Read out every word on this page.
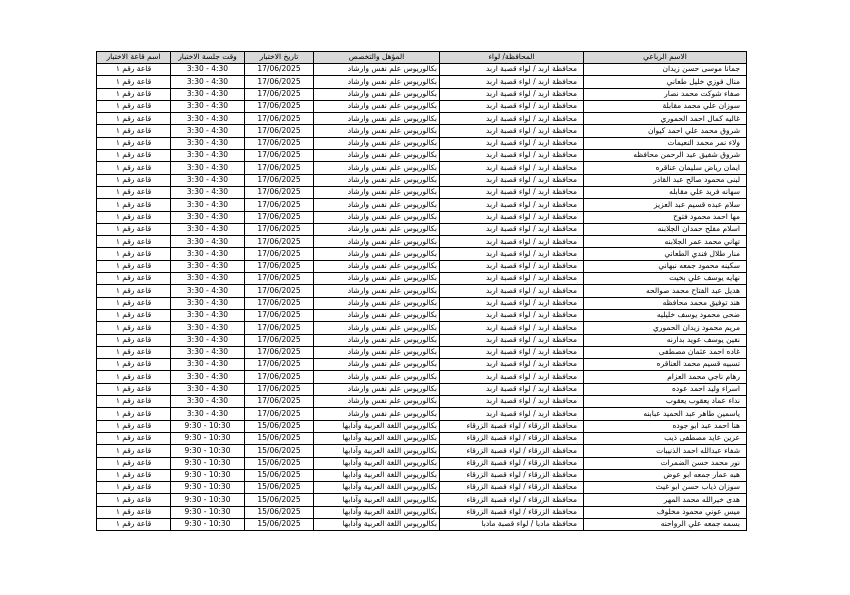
الاسم الرباعي	المحافظة/ لواء	المؤهل والتخصص	تاريخ الاختبار	وقت جلسة الاختبار	اسم قاعة الاختبار
جمانا موسى حسن زيدان	محافظة اربد / لواء قصبة اربد	بكالوريوس علم نفس وارشاد	17/06/2025	3:30 - 4:30	قاعة رقم ١
منال فوزي خليل طعاني	محافظة اربد / لواء قصبة اربد	بكالوريوس علم نفس وارشاد	17/06/2025	3:30 - 4:30	قاعة رقم ١
صفاء شوكت محمد نصار	محافظة اربد / لواء قصبة اربد	بكالوريوس علم نفس وارشاد	17/06/2025	3:30 - 4:30	قاعة رقم ١
سوزان علي محمد مقابلة	محافظة اربد / لواء قصبة اربد	بكالوريوس علم نفس وارشاد	17/06/2025	3:30 - 4:30	قاعة رقم ١
غاليه كمال احمد الحموري	محافظة اربد / لواء قصبة اربد	بكالوريوس علم نفس وارشاد	17/06/2025	3:30 - 4:30	قاعة رقم ١
شروق محمد علي احمد كيوان	محافظة اربد / لواء قصبة اربد	بكالوريوس علم نفس وارشاد	17/06/2025	3:30 - 4:30	قاعة رقم ١
ولاء نمر محمد النعيمات	محافظة اربد / لواء قصبة اربد	بكالوريوس علم نفس وارشاد	17/06/2025	3:30 - 4:30	قاعة رقم ١
شروق شفيق عبد الرحمن محافظه	محافظة اربد / لواء قصبة اربد	بكالوريوس علم نفس وارشاد	17/06/2025	3:30 - 4:30	قاعة رقم ١
ايمان رياض سليمان عناقره	محافظة اربد / لواء قصبة اربد	بكالوريوس علم نفس وارشاد	17/06/2025	3:30 - 4:30	قاعة رقم ١
لبنى محمود صالح عبد القادر	محافظة اربد / لواء قصبة اربد	بكالوريوس علم نفس وارشاد	17/06/2025	3:30 - 4:30	قاعة رقم ١
سهانه فريد علي مقابله	محافظة اربد / لواء قصبة اربد	بكالوريوس علم نفس وارشاد	17/06/2025	3:30 - 4:30	قاعة رقم ١
سلام عبده قسيم عبد العزيز	محافظة اربد / لواء قصبة اربد	بكالوريوس علم نفس وارشاد	17/06/2025	3:30 - 4:30	قاعة رقم ١
مها احمد محمود فتوح	محافظة اربد / لواء قصبة اربد	بكالوريوس علم نفس وارشاد	17/06/2025	3:30 - 4:30	قاعة رقم ١
اسلام مفلح حمدان الجلابنه	محافظة اربد / لواء قصبة اربد	بكالوريوس علم نفس وارشاد	17/06/2025	3:30 - 4:30	قاعة رقم ١
تهاني محمد عمر الجلابنه	محافظة اربد / لواء قصبة اربد	بكالوريوس علم نفس وارشاد	17/06/2025	3:30 - 4:30	قاعة رقم ١
منار طلال فندي الطعاني	محافظة اربد / لواء قصبة اربد	بكالوريوس علم نفس وارشاد	17/06/2025	3:30 - 4:30	قاعة رقم ١
سكينه محمود جمعه نبهاني	محافظة اربد / لواء قصبة اربد	بكالوريوس علم نفس وارشاد	17/06/2025	3:30 - 4:30	قاعة رقم ١
نهايه يوسف علي بخيت	محافظة اربد / لواء قصبة اربد	بكالوريوس علم نفس وارشاد	17/06/2025	3:30 - 4:30	قاعة رقم ١
هديل عبد الفتاح محمد صوالحه	محافظة اربد / لواء قصبة اربد	بكالوريوس علم نفس وارشاد	17/06/2025	3:30 - 4:30	قاعة رقم ١
هند توفيق محمد محافظه	محافظة اربد / لواء قصبة اربد	بكالوريوس علم نفس وارشاد	17/06/2025	3:30 - 4:30	قاعة رقم ١
ضحى محمود يوسف خليليه	محافظة اربد / لواء قصبة اربد	بكالوريوس علم نفس وارشاد	17/06/2025	3:30 - 4:30	قاعة رقم ١
مريم محمود زيدان الحموري	محافظة اربد / لواء قصبة اربد	بكالوريوس علم نفس وارشاد	17/06/2025	3:30 - 4:30	قاعة رقم ١
نفين يوسف عويد بدارنه	محافظة اربد / لواء قصبة اربد	بكالوريوس علم نفس وارشاد	17/06/2025	3:30 - 4:30	قاعة رقم ١
غاده احمد عثمان مصطفى	محافظة اربد / لواء قصبة اربد	بكالوريوس علم نفس وارشاد	17/06/2025	3:30 - 4:30	قاعة رقم ١
تسبيه قسيم محمد العناقره	محافظة اربد / لواء قصبة اربد	بكالوريوس علم نفس وارشاد	17/06/2025	3:30 - 4:30	قاعة رقم ١
رهام ناجي محمد العزام	محافظة اربد / لواء قصبة اربد	بكالوريوس علم نفس وارشاد	17/06/2025	3:30 - 4:30	قاعة رقم ١
اسراء وليد احمد عوده	محافظة اربد / لواء قصبة اربد	بكالوريوس علم نفس وارشاد	17/06/2025	3:30 - 4:30	قاعة رقم ١
نداء عماد يعقوب يعقوب	محافظة اربد / لواء قصبة اربد	بكالوريوس علم نفس وارشاد	17/06/2025	3:30 - 4:30	قاعة رقم ١
ياسمين طاهر عبد الحميد عبابنه	محافظة اربد / لواء قصبة اربد	بكالوريوس علم نفس وارشاد	17/06/2025	3:30 - 4:30	قاعة رقم ١
هنا احمد عبد ابو جوده	محافظة الزرقاء / لواء قصبة الزرقاء	بكالوريوس اللغة العربية وآدابها	15/06/2025	9:30 - 10:30	قاعة رقم ١
عرين عايد مصطفى ذيب	محافظة الزرقاء / لواء قصبة الزرقاء	بكالوريوس اللغة العربية وآدابها	15/06/2025	9:30 - 10:30	قاعة رقم ١
شفاء عبدالله احمد الذنيبات	محافظة الزرقاء / لواء قصبة الزرقاء	بكالوريوس اللغة العربية وآدابها	15/06/2025	9:30 - 10:30	قاعة رقم ١
نور محمد حسن الضمرات	محافظة الزرقاء / لواء قصبة الزرقاء	بكالوريوس اللغة العربية وآدابها	15/06/2025	9:30 - 10:30	قاعة رقم ١
هبه عمار جمعه ابو عوض	محافظة الزرقاء / لواء قصبة الزرقاء	بكالوريوس اللغة العربية وآدابها	15/06/2025	9:30 - 10:30	قاعة رقم ١
سوزان ذياب حسن ابو غيث	محافظة الزرقاء / لواء قصبة الزرقاء	بكالوريوس اللغة العربية وآدابها	15/06/2025	9:30 - 10:30	قاعة رقم ١
هدى خيرالله محمد المهر	محافظة الزرقاء / لواء قصبة الزرقاء	بكالوريوس اللغة العربية وآدابها	15/06/2025	9:30 - 10:30	قاعة رقم ١
ميس عوني محمود مخلوف	محافظة الزرقاء / لواء قصبة الزرقاء	بكالوريوس اللغة العربية وآدابها	15/06/2025	9:30 - 10:30	قاعة رقم ١
بسمه جمعه علي الرواحنه	محافظة مادبا / لواء قصبة مادبا	بكالوريوس اللغة العربية وآدابها	15/06/2025	9:30 - 10:30	قاعة رقم ١
